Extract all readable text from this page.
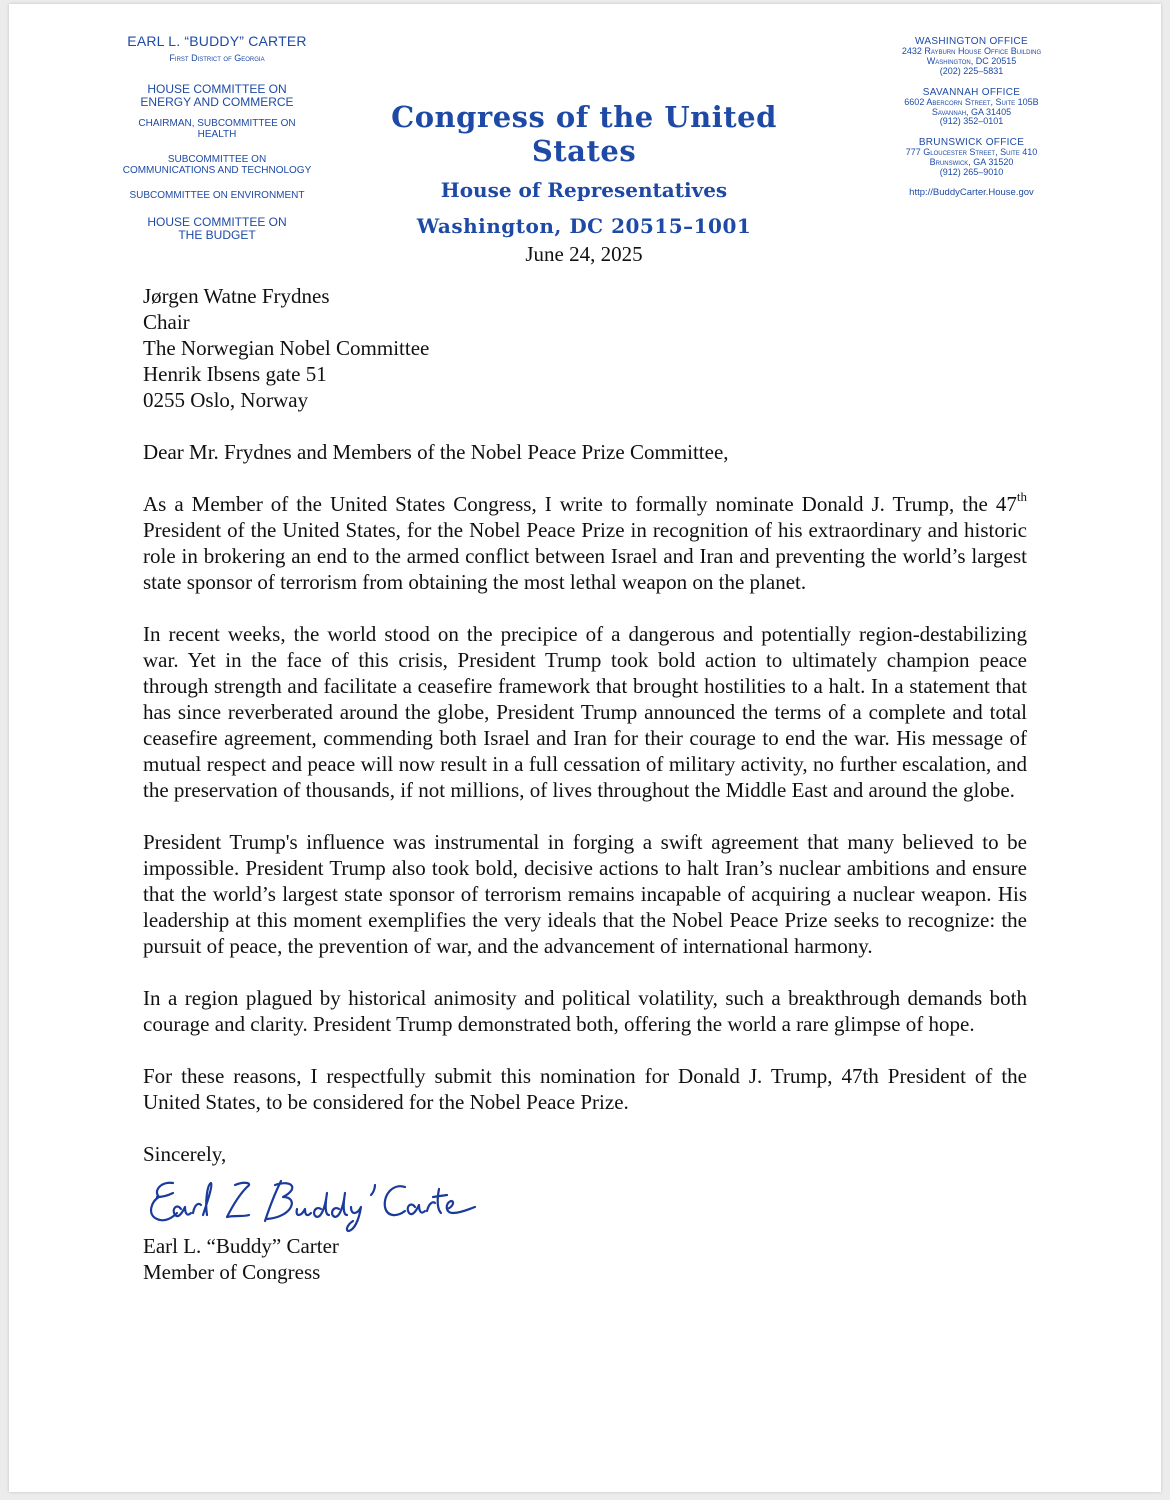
EARL L. “BUDDY” CARTER
First District of Georgia
HOUSE COMMITTEE ON
ENERGY AND COMMERCE
CHAIRMAN, SUBCOMMITTEE ON
HEALTH
SUBCOMMITTEE ON
COMMUNICATIONS AND TECHNOLOGY
SUBCOMMITTEE ON ENVIRONMENT
HOUSE COMMITTEE ON
THE BUDGET
Congress of the United States
House of Representatives
Washington, DC 20515–1001
WASHINGTON OFFICE
2432 Rayburn House Office Building
Washington, DC 20515
(202) 225–5831
SAVANNAH OFFICE
6602 Abercorn Street, Suite 105B
Savannah, GA 31405
(912) 352–0101
BRUNSWICK OFFICE
777 Gloucester Street, Suite 410
Brunswick, GA 31520
(912) 265–9010
http://BuddyCarter.House.gov
June 24, 2025
Jørgen Watne Frydnes
Chair
The Norwegian Nobel Committee
Henrik Ibsens gate 51
0255 Oslo, Norway
Dear Mr. Frydnes and Members of the Nobel Peace Prize Committee,
As a Member of the United States Congress, I write to formally nominate Donald J. Trump, the 47th President of the United States, for the Nobel Peace Prize in recognition of his extraordinary and historic role in brokering an end to the armed conflict between Israel and Iran and preventing the world’s largest state sponsor of terrorism from obtaining the most lethal weapon on the planet.
In recent weeks, the world stood on the precipice of a dangerous and potentially region-destabilizing war. Yet in the face of this crisis, President Trump took bold action to ultimately champion peace through strength and facilitate a ceasefire framework that brought hostilities to a halt. In a statement that has since reverberated around the globe, President Trump announced the terms of a complete and total ceasefire agreement, commending both Israel and Iran for their courage to end the war. His message of mutual respect and peace will now result in a full cessation of military activity, no further escalation, and the preservation of thousands, if not millions, of lives throughout the Middle East and around the globe.
President Trump's influence was instrumental in forging a swift agreement that many believed to be impossible. President Trump also took bold, decisive actions to halt Iran’s nuclear ambitions and ensure that the world’s largest state sponsor of terrorism remains incapable of acquiring a nuclear weapon. His leadership at this moment exemplifies the very ideals that the Nobel Peace Prize seeks to recognize: the pursuit of peace, the prevention of war, and the advancement of international harmony.
In a region plagued by historical animosity and political volatility, such a breakthrough demands both courage and clarity. President Trump demonstrated both, offering the world a rare glimpse of hope.
For these reasons, I respectfully submit this nomination for Donald J. Trump, 47th President of the United States, to be considered for the Nobel Peace Prize.
Sincerely,
Earl L. “Buddy” Carter
Member of Congress
